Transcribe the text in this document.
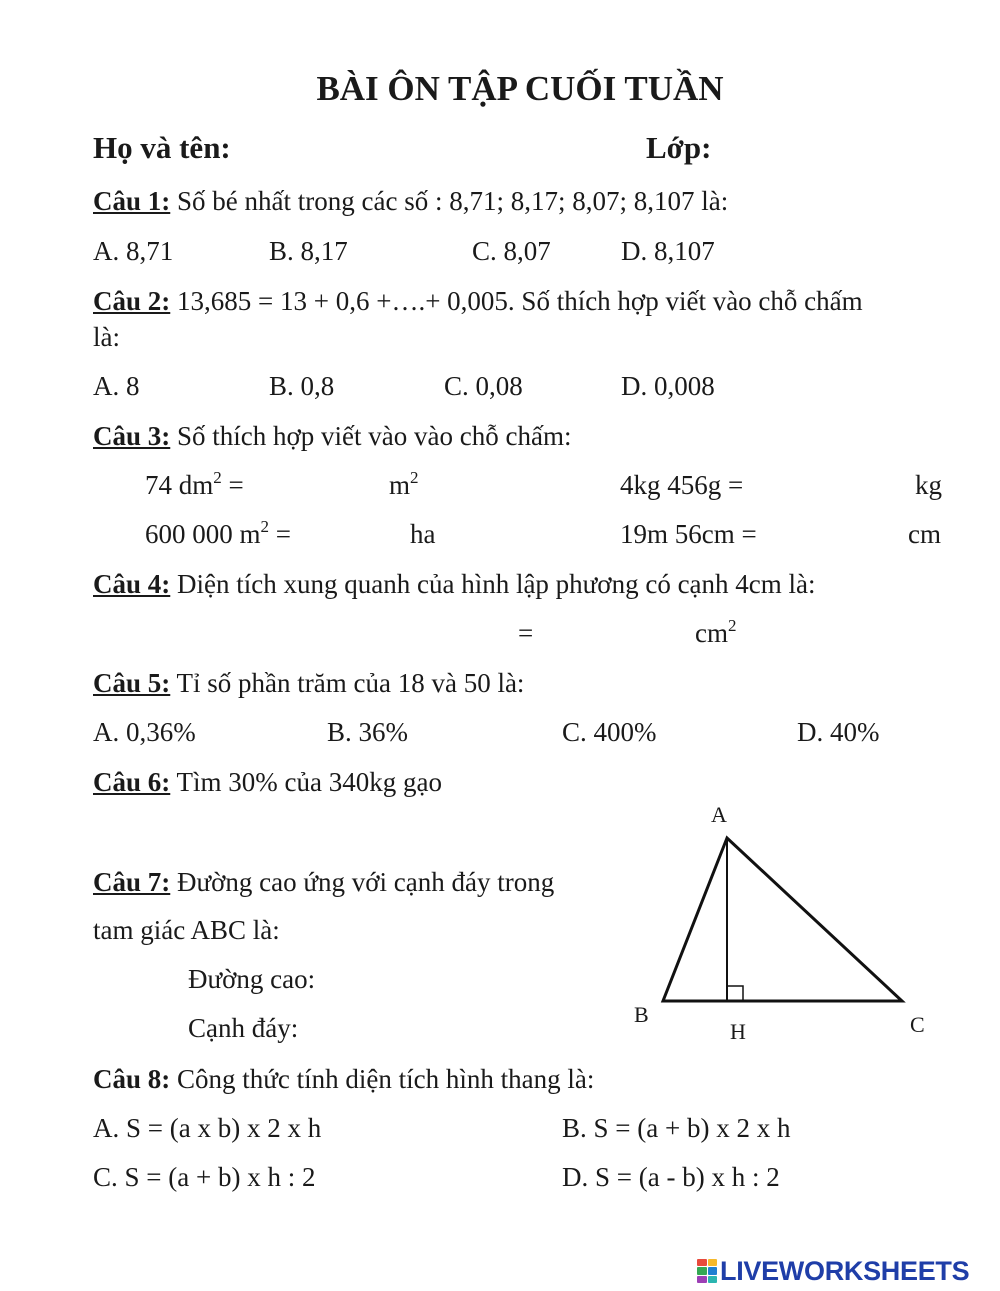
BÀI ÔN TẬP CUỐI TUẦN
Họ và tên:	Lớp:
Câu 1: Số bé nhất trong các số : 8,71; 8,17; 8,07; 8,107 là:
A. 8,71	B. 8,17	C. 8,07	D. 8,107
Câu 2: 13,685 = 13 + 0,6 +….+ 0,005. Số thích hợp viết vào chỗ chấm
là:
A. 8	B. 0,8	C. 0,08	D. 0,008
Câu 3: Số thích hợp viết vào vào chỗ chấm:
74 $dm^2$ =	$m^2$	4kg 456g =	kg
600 000 $m^2$ =	ha	19m 56cm =	cm
Câu 4: Diện tích xung quanh của hình lập phương có cạnh 4cm là:
=	$cm^2$
Câu 5: Tỉ số phần trăm của 18 và 50 là:
A. 0,36%	B. 36%	C. 400%	D. 40%
Câu 6: Tìm 30% của 340kg gạo
Câu 7: Đường cao ứng với cạnh đáy trong
tam giác ABC là:
Đường cao:
Cạnh đáy:
A
B	C
H
Câu 8: Công thức tính diện tích hình thang là:
A. S = (a x b) x 2 x h	B. S = (a + b) x 2 x h
C. S = (a + b) x h : 2	D. S = (a - b) x h : 2
LIVEWORKSHEETS
